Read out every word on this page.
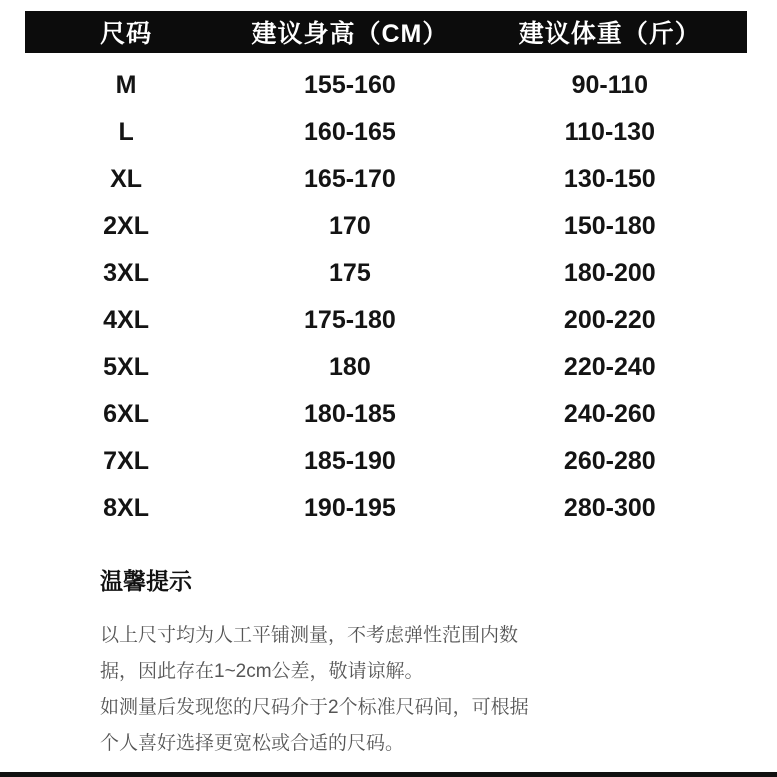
尺码	建议身高（CM）	建议体重（斤）
M	155-160	90-110
L	160-165	110-130
XL	165-170	130-150
2XL	170	150-180
3XL	175	180-200
4XL	175-180	200-220
5XL	180	220-240
6XL	180-185	240-260
7XL	185-190	260-280
8XL	190-195	280-300
温馨提示
以上尺寸均为人工平铺测量，不考虑弹性范围内数
据，因此存在1~2cm公差，敬请谅解。
如测量后发现您的尺码介于2个标准尺码间，可根据
个人喜好选择更宽松或合适的尺码。
